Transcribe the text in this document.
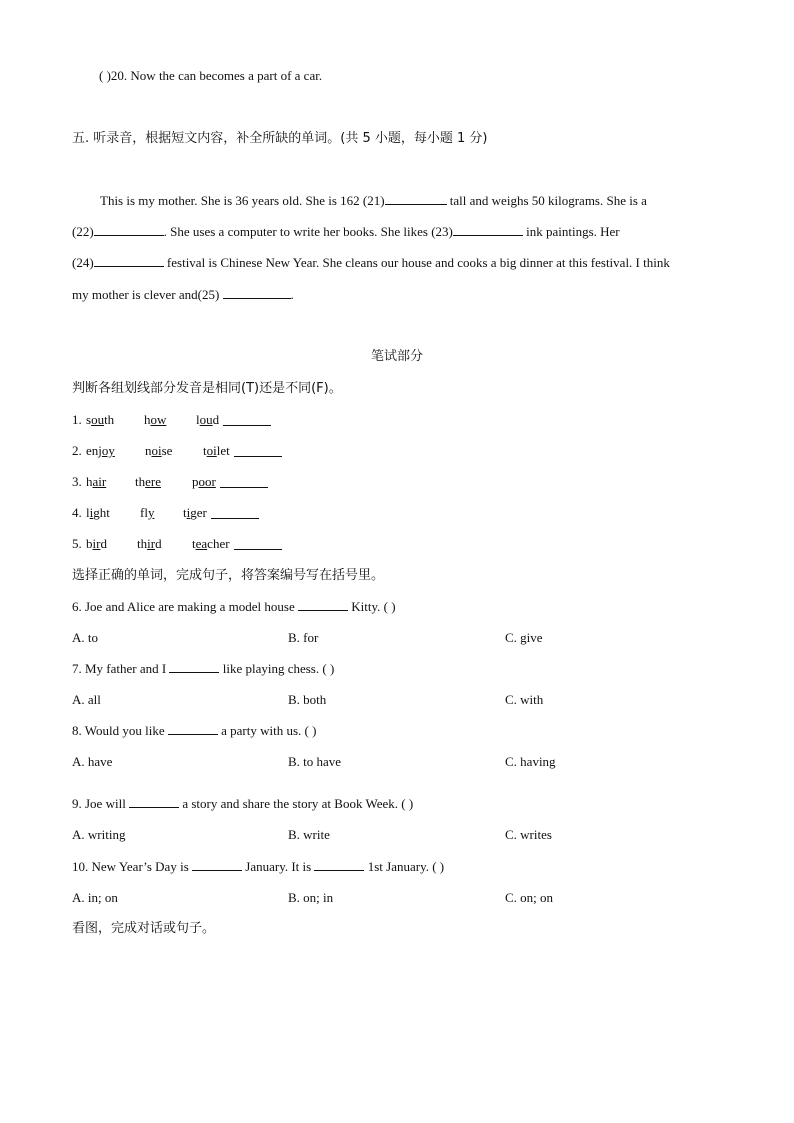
( )20. Now the can becomes a part of a car.
五. 听录音，根据短文内容，补全所缺的单词。(共 5 小题，每小题 1 分)
This is my mother. She is 36 years old. She is 162 (21)	tall and weighs 50 kilograms. She is a
(22)	. She uses a computer to write her books. She likes (23)	ink paintings. Her
(24)	festival is Chinese New Year. She cleans our house and cooks a big dinner at this festival. I think
my mother is clever and(25)	.
笔试部分
判断各组划线部分发音是相同(T)还是不同(F)。
1. south how loud
2. enjoy noise toilet
3. hair there poor
4. light fly tiger
5. bird third teacher
选择正确的单词，完成句子，将答案编号写在括号里。
6. Joe and Alice are making a model house	Kitty. ( )
A. to	B. for	C. give
7. My father and I	like playing chess. ( )
A. all	B. both	C. with
8. Would you like	a party with us. ( )
A. have	B. to have	C. having
9. Joe will	a story and share the story at Book Week. ( )
A. writing	B. write	C. writes
10. New Year’s Day is	January. It is	1st January. ( )
A. in; on	B. on; in	C. on; on
看图，完成对话或句子。
